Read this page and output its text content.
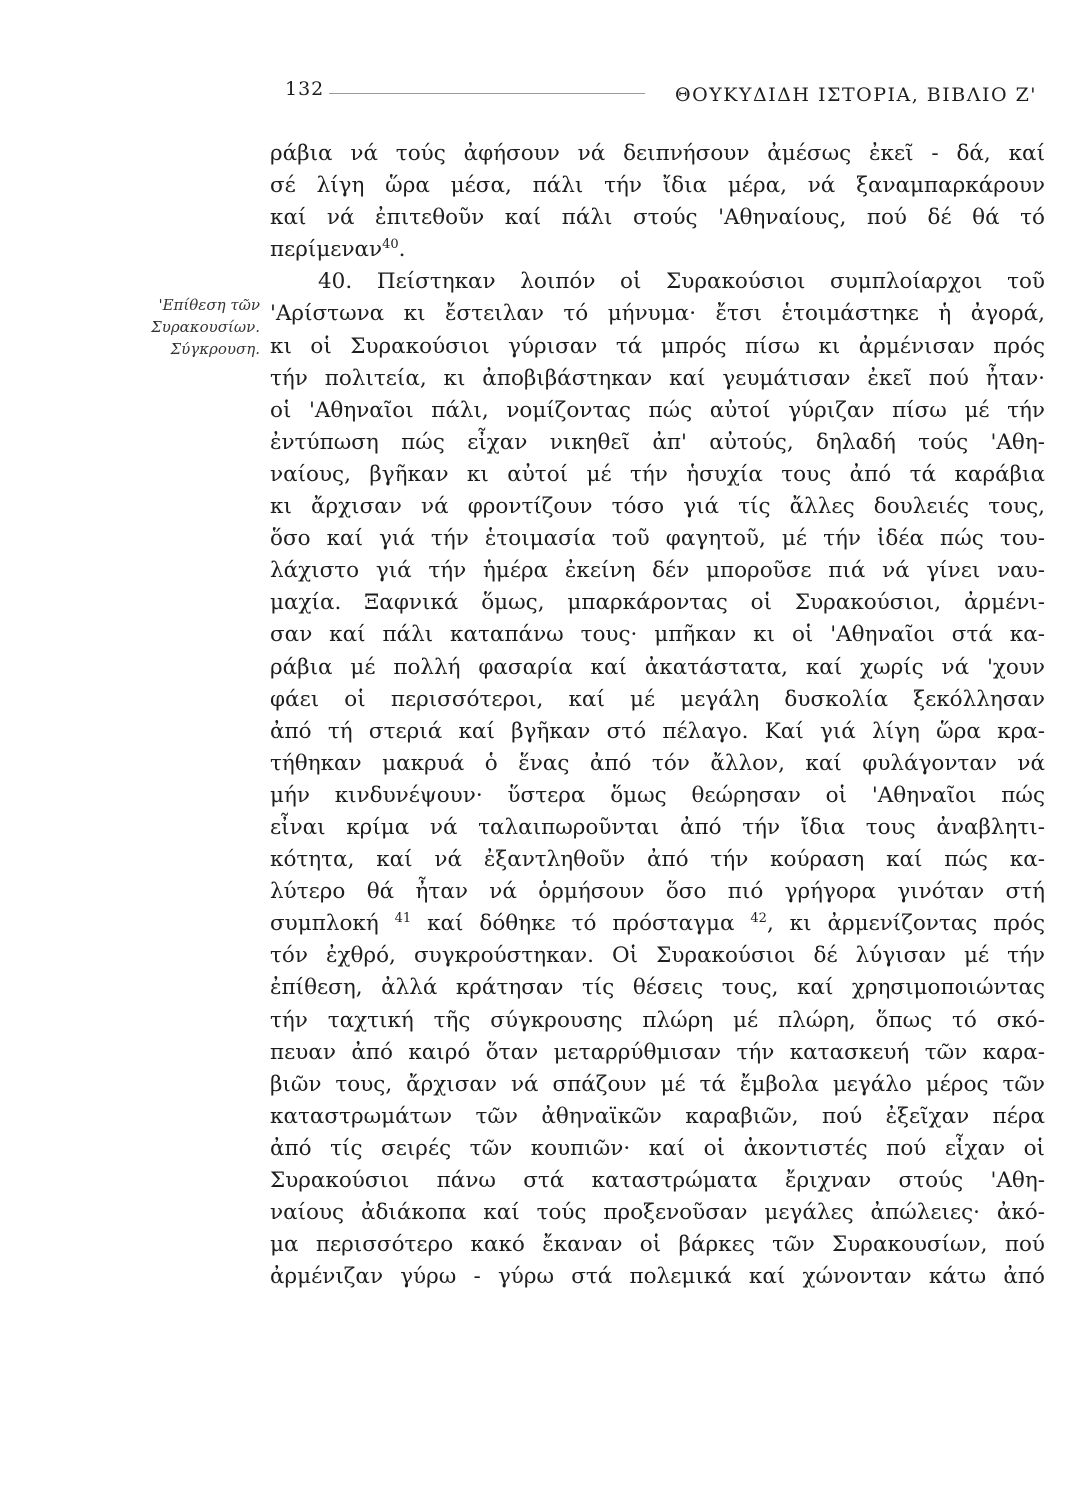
132	ΘΟΥΚΥΔΙΔΗ ΙΣΤΟΡΙΑ, ΒΙΒΛΙΟ Ζ'
'Επίθεση τῶν
Συρακουσίων.
Σύγκρουση.
ράβια νά τούς ἀφήσουν νά δειπνήσουν ἀμέσως ἐκεῖ - δά, καί
σέ λίγη ὥρα μέσα, πάλι τήν ἴδια μέρα, νά ξαναμπαρκάρουν
καί νά ἐπιτεθοῦν καί πάλι στούς 'Αθηναίους, πού δέ θά τό
περίμεναν$^{40}$.
40. Πείστηκαν λοιπόν οἱ Συρακούσιοι συμπλοίαρχοι τοῦ
'Αρίστωνα κι ἔστειλαν τό μήνυμα· ἔτσι ἑτοιμάστηκε ἡ ἀγορά,
κι οἱ Συρακούσιοι γύρισαν τά μπρός πίσω κι ἀρμένισαν πρός
τήν πολιτεία, κι ἀποβιβάστηκαν καί γευμάτισαν ἐκεῖ πού ἦταν·
οἱ 'Αθηναῖοι πάλι, νομίζοντας πώς αὐτοί γύριζαν πίσω μέ τήν
ἐντύπωση πώς εἶχαν νικηθεῖ ἀπ' αὐτούς, δηλαδή τούς 'Αθη-
ναίους, βγῆκαν κι αὐτοί μέ τήν ἡσυχία τους ἀπό τά καράβια
κι ἄρχισαν νά φροντίζουν τόσο γιά τίς ἄλλες δουλειές τους,
ὅσο καί γιά τήν ἑτοιμασία τοῦ φαγητοῦ, μέ τήν ἰδέα πώς του-
λάχιστο γιά τήν ἡμέρα ἐκείνη δέν μποροῦσε πιά νά γίνει ναυ-
μαχία. Ξαφνικά ὅμως, μπαρκάροντας οἱ Συρακούσιοι, ἀρμένι-
σαν καί πάλι καταπάνω τους· μπῆκαν κι οἱ 'Αθηναῖοι στά κα-
ράβια μέ πολλή φασαρία καί ἀκατάστατα, καί χωρίς νά 'χουν
φάει οἱ περισσότεροι, καί μέ μεγάλη δυσκολία ξεκόλλησαν
ἀπό τή στεριά καί βγῆκαν στό πέλαγο. Καί γιά λίγη ὥρα κρα-
τήθηκαν μακρυά ὁ ἕνας ἀπό τόν ἄλλον, καί φυλάγονταν νά
μήν κινδυνέψουν· ὕστερα ὅμως θεώρησαν οἱ 'Αθηναῖοι πώς
εἶναι κρίμα νά ταλαιπωροῦνται ἀπό τήν ἴδια τους ἀναβλητι-
κότητα, καί νά ἐξαντληθοῦν ἀπό τήν κούραση καί πώς κα-
λύτερο θά ἦταν νά ὁρμήσουν ὅσο πιό γρήγορα γινόταν στή
συμπλοκή $^{41}$ καί δόθηκε τό πρόσταγμα $^{42}$, κι ἀρμενίζοντας πρός
τόν ἐχθρό, συγκρούστηκαν. Οἱ Συρακούσιοι δέ λύγισαν μέ τήν
ἐπίθεση, ἀλλά κράτησαν τίς θέσεις τους, καί χρησιμοποιώντας
τήν ταχτική τῆς σύγκρουσης πλώρη μέ πλώρη, ὅπως τό σκό-
πευαν ἀπό καιρό ὅταν μεταρρύθμισαν τήν κατασκευή τῶν καρα-
βιῶν τους, ἄρχισαν νά σπάζουν μέ τά ἔμβολα μεγάλο μέρος τῶν
καταστρωμάτων τῶν ἀθηναϊκῶν καραβιῶν, πού ἐξεῖχαν πέρα
ἀπό τίς σειρές τῶν κουπιῶν· καί οἱ ἀκοντιστές πού εἶχαν οἱ
Συρακούσιοι πάνω στά καταστρώματα ἔριχναν στούς 'Αθη-
ναίους ἀδιάκοπα καί τούς προξενοῦσαν μεγάλες ἀπώλειες· ἀκό-
μα περισσότερο κακό ἔκαναν οἱ βάρκες τῶν Συρακουσίων, πού
ἀρμένιζαν γύρω - γύρω στά πολεμικά καί χώνονταν κάτω ἀπό
